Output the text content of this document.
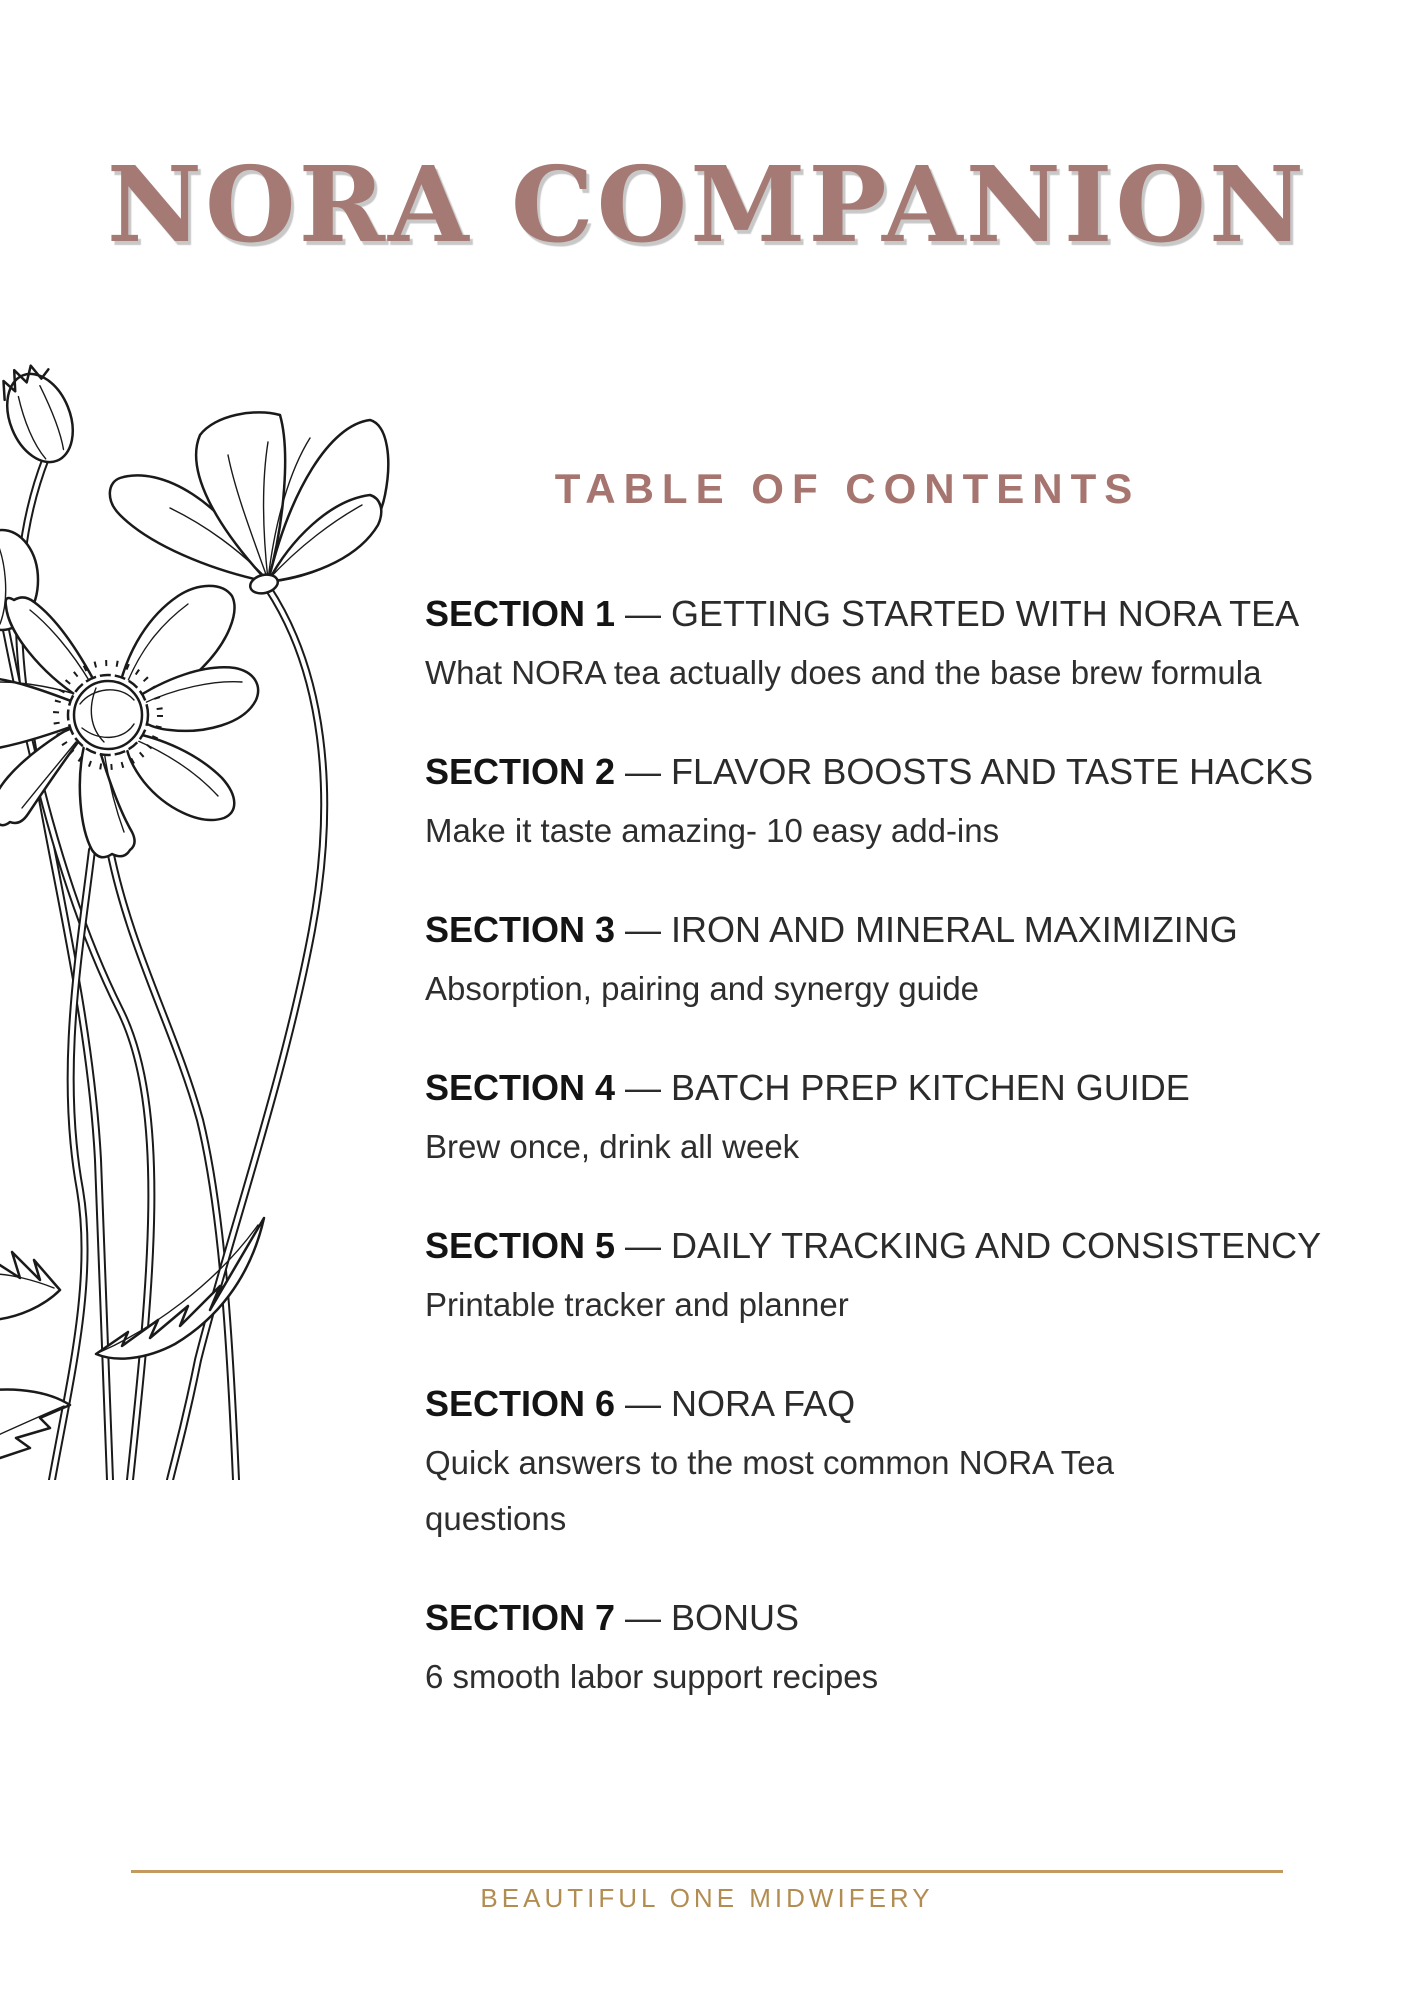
NORA COMPANION
TABLE OF CONTENTS
SECTION 1 — GETTING STARTED WITH NORA TEA
What NORA tea actually does and the base brew formula
SECTION 2 — FLAVOR BOOSTS AND TASTE HACKS
Make it taste amazing- 10 easy add-ins
SECTION 3 — IRON AND MINERAL MAXIMIZING
Absorption, pairing and synergy guide
SECTION 4 — BATCH PREP KITCHEN GUIDE
Brew once, drink all week
SECTION 5 — DAILY TRACKING AND CONSISTENCY
Printable tracker and planner
SECTION 6 — NORA FAQ
Quick answers to the most common NORA Tea
questions
SECTION 7 — BONUS
6 smooth labor support recipes
BEAUTIFUL ONE MIDWIFERY
